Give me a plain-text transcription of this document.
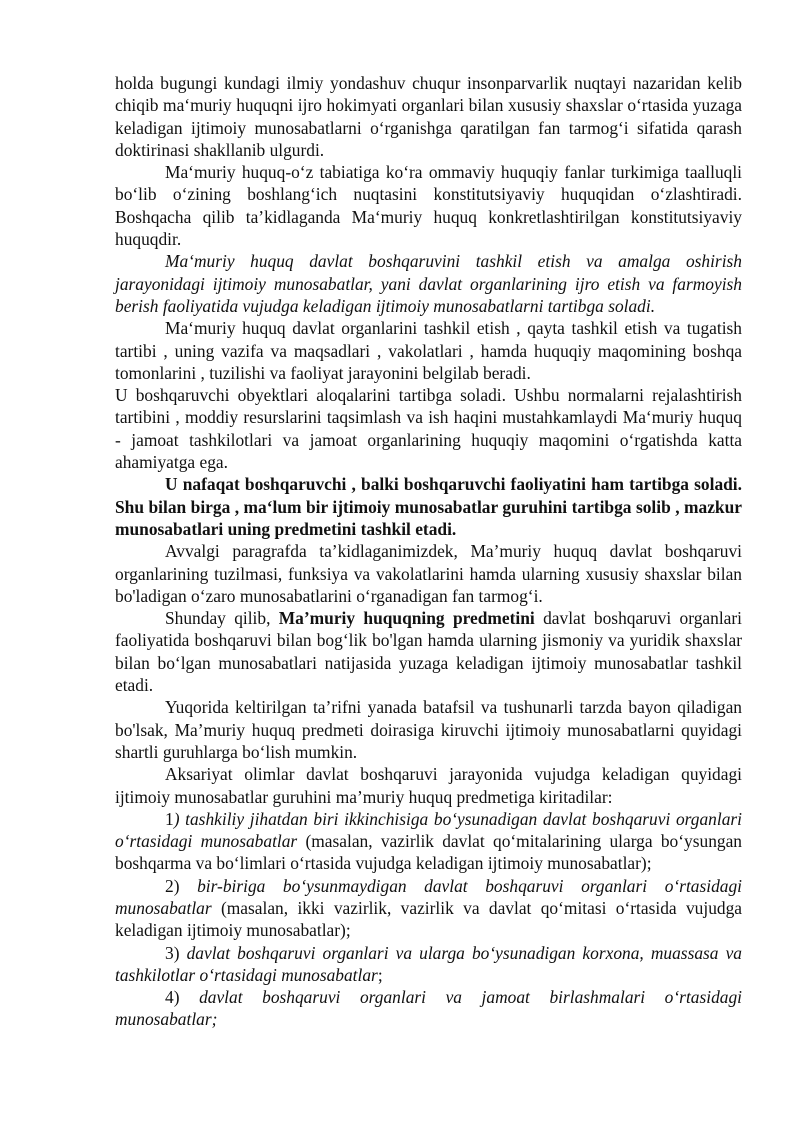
holda bugungi kundagi ilmiy yondashuv chuqur insonparvarlik nuqtayi nazaridan kelib chiqib ma‘muriy huquqni ijro hokimyati organlari bilan xususiy shaxslar o‘rtasida yuzaga keladigan ijtimoiy munosabatlarni o‘rganishga qaratilgan fan tarmog‘i sifatida qarash doktirinasi shakllanib ulgurdi.

Ma‘muriy huquq-o‘z tabiatiga ko‘ra ommaviy huquqiy fanlar turkimiga taalluqli bo‘lib o‘zining boshlang‘ich nuqtasini konstitutsiyaviy huquqidan o‘zlashtiradi. Boshqacha qilib ta’kidlaganda Ma‘muriy huquq konkretlashtirilgan konstitutsiyaviy huquqdir.

Ma‘muriy huquq davlat boshqaruvini tashkil etish va amalga oshirish jarayonidagi ijtimoiy munosabatlar, yani davlat organlarining ijro etish va farmoyish berish faoliyatida vujudga keladigan ijtimoiy munosabatlarni tartibga soladi.

Ma‘muriy huquq davlat organlarini tashkil etish , qayta tashkil etish va tugatish tartibi , uning vazifa va maqsadlari , vakolatlari , hamda huquqiy maqomining boshqa tomonlarini , tuzilishi va faoliyat jarayonini belgilab beradi.

U boshqaruvchi obyektlari aloqalarini tartibga soladi. Ushbu normalarni rejalashtirish tartibini , moddiy resurslarini taqsimlash va ish haqini mustahkamlaydi Ma‘muriy huquq - jamoat tashkilotlari va jamoat organlarining huquqiy maqomini o‘rgatishda katta ahamiyatga ega.

U nafaqat boshqaruvchi , balki boshqaruvchi faoliyatini ham tartibga soladi. Shu bilan birga , ma‘lum bir ijtimoiy munosabatlar guruhini tartibga solib , mazkur munosabatlari uning predmetini tashkil etadi.

Avvalgi paragrafda ta’kidlaganimizdek, Ma’muriy huquq davlat boshqaruvi organlarining tuzilmasi, funksiya va vakolatlarini hamda ularning xususiy shaxslar bilan bo'ladigan o‘zaro munosabatlarini o‘rganadigan fan tarmog‘i.

Shunday qilib, Ma’muriy huquqning predmetini davlat boshqaruvi organlari faoliyatida boshqaruvi bilan bog‘lik bo'lgan hamda ularning jismoniy va yuridik shaxslar bilan bo‘lgan munosabatlari natijasida yuzaga keladigan ijtimoiy munosabatlar tashkil etadi.

Yuqorida keltirilgan ta’rifni yanada batafsil va tushunarli tarzda bayon qiladigan bo'lsak, Ma’muriy huquq predmeti doirasiga kiruvchi ijtimoiy munosabatlarni quyidagi shartli guruhlarga bo‘lish mumkin.

Aksariyat olimlar davlat boshqaruvi jarayonida vujudga keladigan quyidagi ijtimoiy munosabatlar guruhini ma’muriy huquq predmetiga kiritadilar:

1) tashkiliy jihatdan biri ikkinchisiga bo‘ysunadigan davlat boshqaruvi organlari o‘rtasidagi munosabatlar (masalan, vazirlik davlat qo‘mitalarining ularga bo‘ysungan boshqarma va bo‘limlari o‘rtasida vujudga keladigan ijtimoiy munosabatlar);

2) bir-biriga bo‘ysunmaydigan davlat boshqaruvi organlari o‘rtasidagi munosabatlar (masalan, ikki vazirlik, vazirlik va davlat qo‘mitasi o‘rtasida vujudga keladigan ijtimoiy munosabatlar);

3) davlat boshqaruvi organlari va ularga bo‘ysunadigan korxona, muassasa va tashkilotlar o‘rtasidagi munosabatlar;

4) davlat boshqaruvi organlari va jamoat birlashmalari o‘rtasidagi munosabatlar;
